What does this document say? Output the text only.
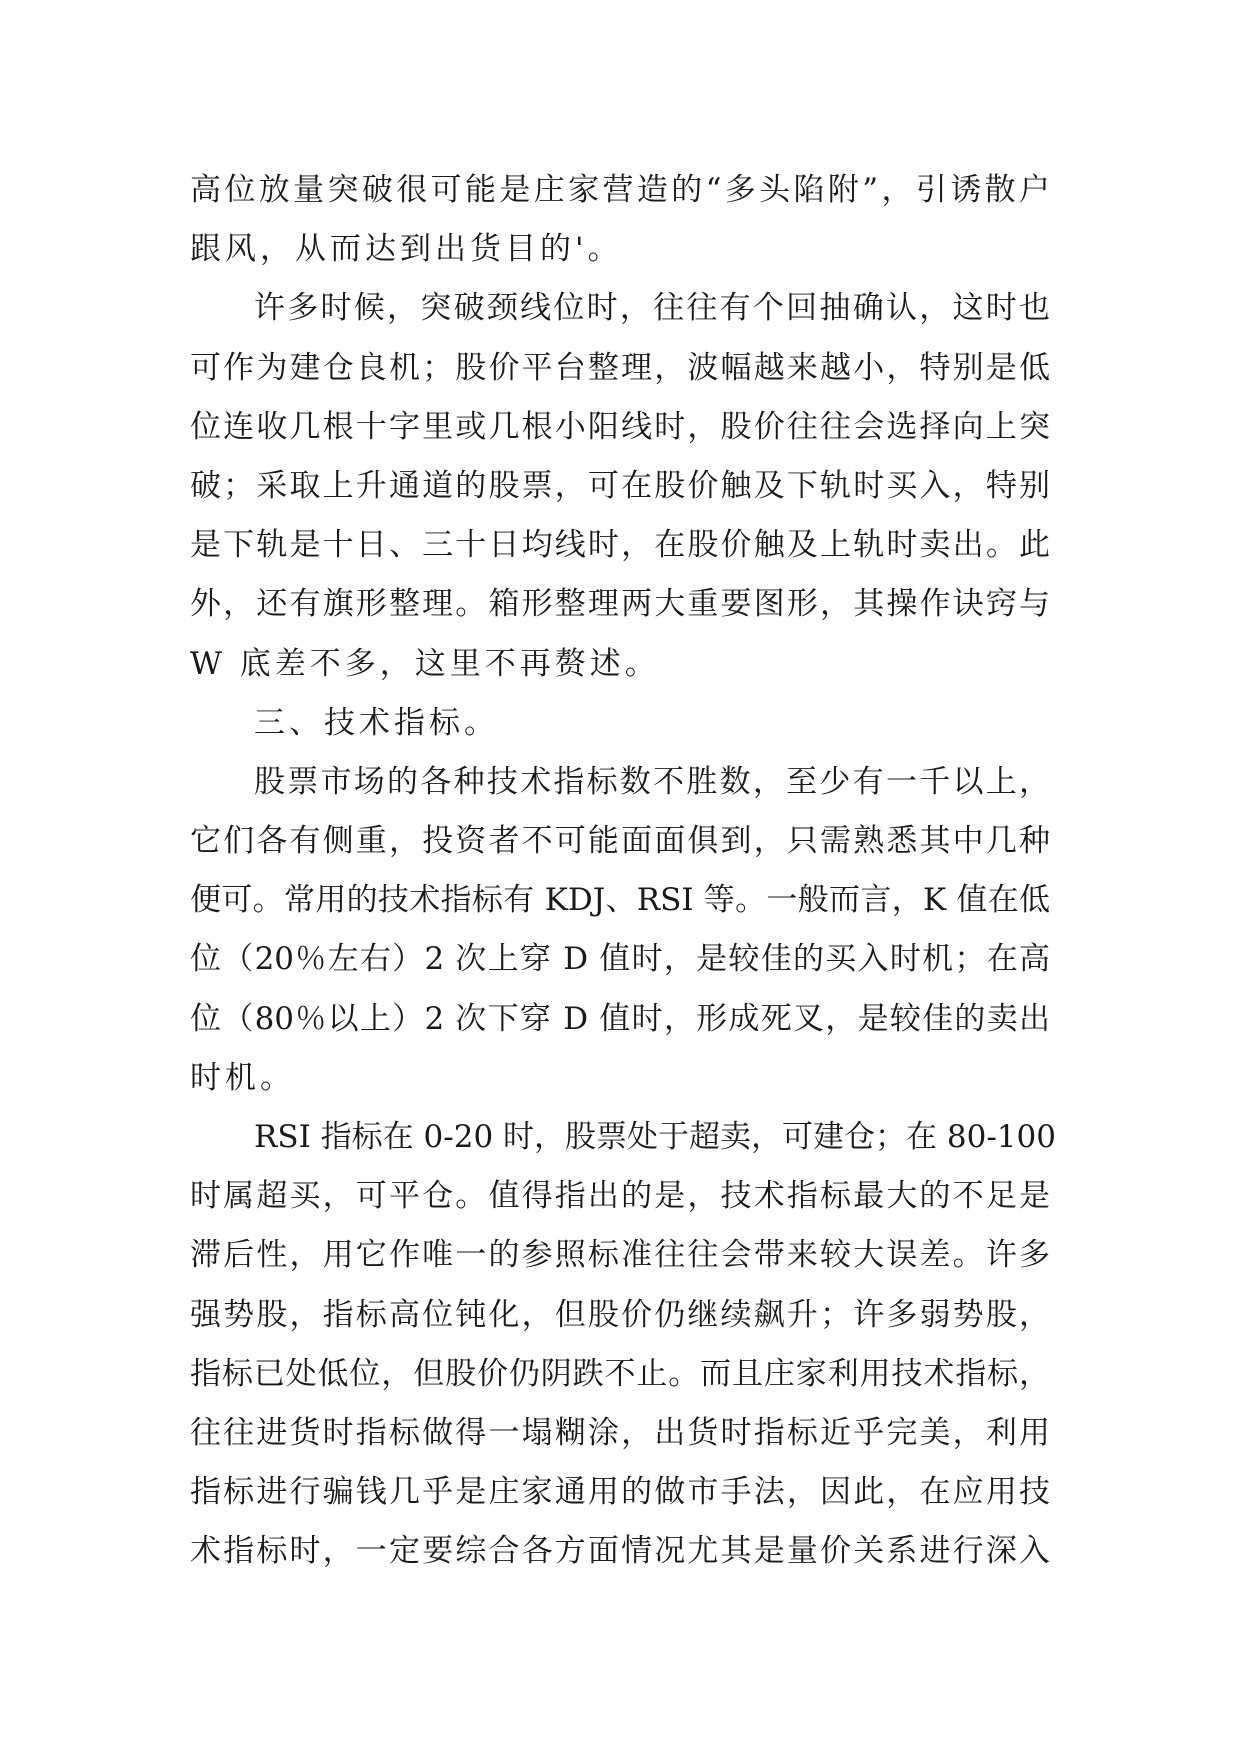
高位放量突破很可能是庄家营造的“多头陷附”，引诱散户
跟风，从而达到出货目的'。
许多时候，突破颈线位时，往往有个回抽确认，这时也
可作为建仓良机；股价平台整理，波幅越来越小，特别是低
位连收几根十字里或几根小阳线时，股价往往会选择向上突
破；采取上升通道的股票，可在股价触及下轨时买入，特别
是下轨是十日、三十日均线时，在股价触及上轨时卖出。此
外，还有旗形整理。箱形整理两大重要图形，其操作诀窍与
W 底差不多，这里不再赘述。
三、技术指标。
股票市场的各种技术指标数不胜数，至少有一千以上，
它们各有侧重，投资者不可能面面俱到，只需熟悉其中几种
便可。常用的技术指标有 KDJ、RSI 等。一般而言，K 值在低
位（20％左右）2 次上穿 D 值时，是较佳的买入时机；在高
位（80％以上）2 次下穿 D 值时，形成死叉，是较佳的卖出
时机。
RSI 指标在 0-20 时，股票处于超卖，可建仓；在 80-100
时属超买，可平仓。值得指出的是，技术指标最大的不足是
滞后性，用它作唯一的参照标准往往会带来较大误差。许多
强势股，指标高位钝化，但股价仍继续飙升；许多弱势股，
指标已处低位，但股价仍阴跌不止。而且庄家利用技术指标，
往往进货时指标做得一塌糊涂，出货时指标近乎完美，利用
指标进行骗钱几乎是庄家通用的做市手法，因此，在应用技
术指标时，一定要综合各方面情况尤其是量价关系进行深入
